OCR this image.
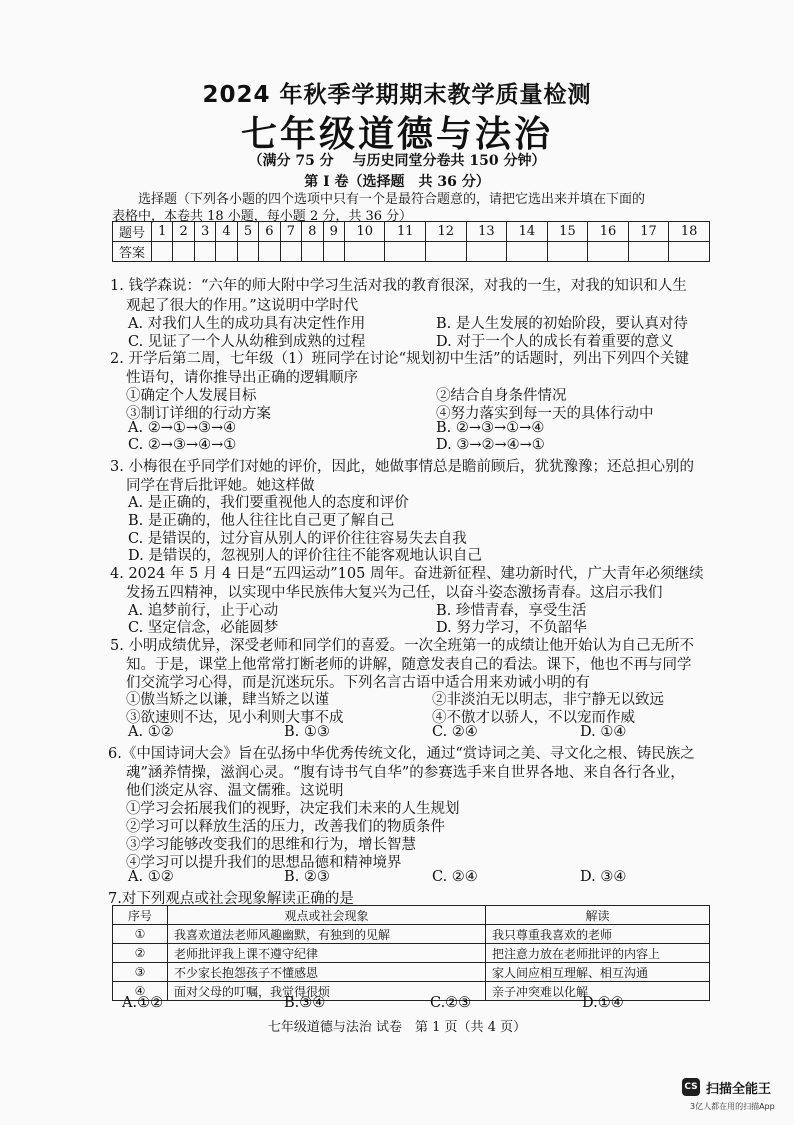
2024 年秋季学期期末教学质量检测
七年级道德与法治
（满分 75 分　 与历史同堂分卷共 150 分钟）
第 I 卷（选择题　共 36 分）
选择题（下列各小题的四个选项中只有一个是最符合题意的，请把它选出来并填在下面的
表格中，本卷共 18 小题，每小题 2 分，共 36 分）
题号	1	2	3	4	5	6	7	8	9	10	11	12	13	14	15	16	17	18
答案																		
1. 钱学森说：“六年的师大附中学习生活对我的教育很深，对我的一生，对我的知识和人生
观起了很大的作用。”这说明中学时代
A. 对我们人生的成功具有决定性作用	B. 是人生发展的初始阶段，要认真对待
C. 见证了一个人从幼稚到成熟的过程	D. 对于一个人的成长有着重要的意义
2. 开学后第二周，七年级（1）班同学在讨论“规划初中生活”的话题时，列出下列四个关键
性语句，请你推导出正确的逻辑顺序
①确定个人发展目标	②结合自身条件情况
③制订详细的行动方案	④努力落实到每一天的具体行动中
A. ②→①→③→④	B. ②→③→①→④
C. ②→③→④→①	D. ③→②→④→①
3. 小梅很在乎同学们对她的评价，因此，她做事情总是瞻前顾后，犹犹豫豫；还总担心别的
同学在背后批评她。她这样做
A. 是正确的，我们要重视他人的态度和评价
B. 是正确的，他人往往比自己更了解自己
C. 是错误的，过分盲从别人的评价往往容易失去自我
D. 是错误的，忽视别人的评价往往不能客观地认识自己
4. 2024 年 5 月 4 日是“五四运动”105 周年。奋进新征程、建功新时代，广大青年必须继续
发扬五四精神，以实现中华民族伟大复兴为己任，以奋斗姿态激扬青春。这启示我们
A. 追梦前行，止于心动	B. 珍惜青春，享受生活
C. 坚定信念，必能圆梦	D. 努力学习，不负韶华
5. 小明成绩优异，深受老师和同学们的喜爱。一次全班第一的成绩让他开始认为自己无所不
知。于是，课堂上他常常打断老师的讲解，随意发表自己的看法。课下，他也不再与同学
们交流学习心得，而是沉迷玩乐。下列名言古语中适合用来劝诫小明的有
①傲当矫之以谦，肆当矫之以谨	②非淡泊无以明志，非宁静无以致远
③欲速则不达，见小利则大事不成	④不傲才以骄人，不以宠而作威
A. ①②	B. ①③	C. ②④	D. ①④
6.《中国诗词大会》旨在弘扬中华优秀传统文化，通过“赏诗词之美、寻文化之根、铸民族之
魂”涵养情操，滋润心灵。“腹有诗书气自华”的参赛选手来自世界各地、来自各行各业，
他们淡定从容、温文儒雅。这说明
①学习会拓展我们的视野，决定我们未来的人生规划
②学习可以释放生活的压力，改善我们的物质条件
③学习能够改变我们的思维和行为，增长智慧
④学习可以提升我们的思想品德和精神境界
A. ①②	B. ②③	C. ②④	D. ③④
7.对下列观点或社会现象解读正确的是
序号	观点或社会现象	解读
①	我喜欢道法老师风趣幽默，有独到的见解	我只尊重我喜欢的老师
②	老师批评我上课不遵守纪律	把注意力放在老师批评的内容上
③	不少家长抱怨孩子不懂感恩	家人间应相互理解、相互沟通
④	面对父母的叮嘱，我觉得很烦	亲子冲突难以化解
A.①②	B.③④	C.②③	D.①④
七年级道德与法治 试卷　第 1 页（共 4 页）
CS 扫描全能王
3亿人都在用的扫描App
